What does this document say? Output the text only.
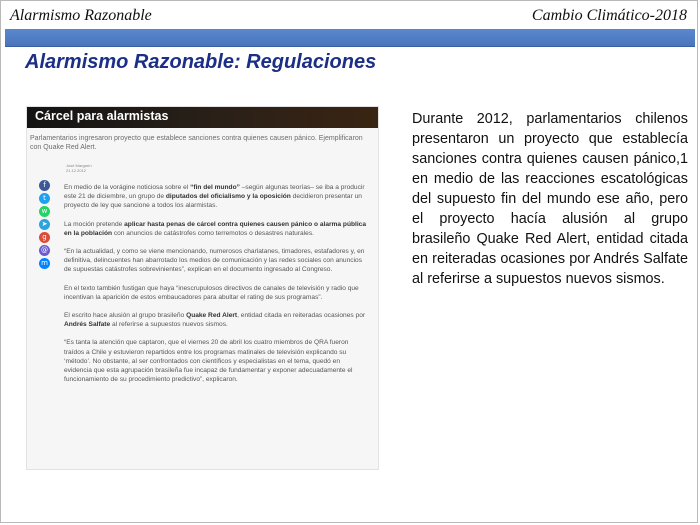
Alarmismo Razonable	Cambio Climático-2018
Alarmismo Razonable: Regulaciones
Cárcel para alarmistas
Parlamentarios ingresaron proyecto que establece sanciones contra quienes causen pánico. Ejemplificaron con Quake Red Alert.
José Margarín
21.12.2012
f
t
w
➤
g
@
m

En medio de la vorágine noticiosa sobre el “fin del mundo” –según algunas teorías– se iba a producir este 21 de diciembre, un grupo de diputados del oficialismo y la oposición decidieron presentar un proyecto de ley que sancione a todos los alarmistas.

La moción pretende aplicar hasta penas de cárcel contra quienes causen pánico o alarma pública en la población con anuncios de catástrofes como terremotos o desastres naturales.

“En la actualidad, y como se viene mencionando, numerosos charlatanes, timadores, estafadores y, en definitiva, delincuentes han abarrotado los medios de comunicación y las redes sociales con anuncios de supuestas catástrofes sobrevinientes”, explican en el documento ingresado al Congreso.

En el texto también fustigan que haya “inescrupulosos directivos de canales de televisión y radio que incentivan la aparición de estos embaucadores para abultar el rating de sus programas”.

El escrito hace alusión al grupo brasileño Quake Red Alert, entidad citada en reiteradas ocasiones por Andrés Salfate al referirse a supuestos nuevos sismos.

“Es tanta la atención que captaron, que el viernes 20 de abril los cuatro miembros de QRA fueron traídos a Chile y estuvieron repartidos entre los programas matinales de televisión explicando su ‘método’. No obstante, al ser confrontados con científicos y especialistas en el tema, quedó en evidencia que esta agrupación brasileña fue incapaz de fundamentar y exponer adecuadamente el funcionamiento de su procedimiento predictivo”, explicaron.

Durante 2012, parlamentarios chilenos presentaron un proyecto que establecía sanciones contra quienes causen pánico,1 en medio de las reacciones escatológicas del supuesto fin del mundo ese año, pero el proyecto hacía alusión al grupo brasileño Quake Red Alert, entidad citada en reiteradas ocasiones por Andrés Salfate al referirse a supuestos nuevos sismos.
